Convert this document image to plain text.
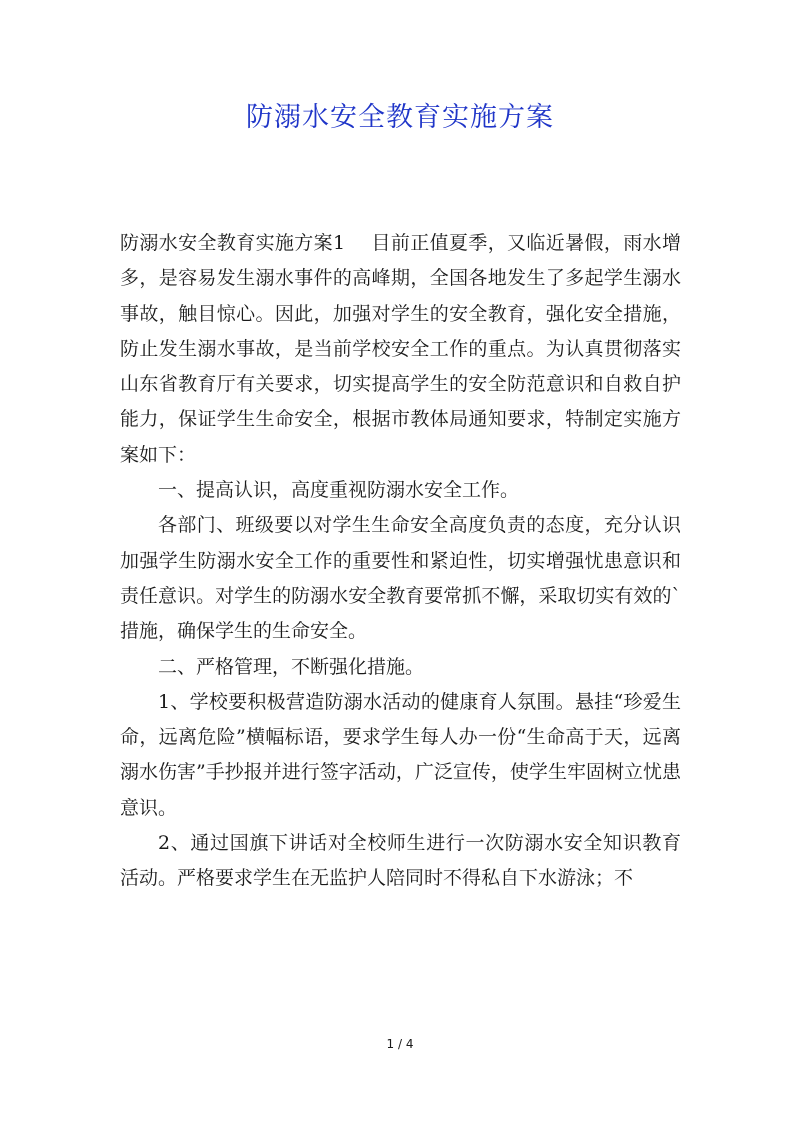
防溺水安全教育实施方案

防溺水安全教育实施方案1 目前正值夏季，又临近暑假，雨水增多，是容易发生溺水事件的高峰期，全国各地发生了多起学生溺水事故，触目惊心。因此，加强对学生的安全教育，强化安全措施，防止发生溺水事故，是当前学校安全工作的重点。为认真贯彻落实山东省教育厅有关要求，切实提高学生的安全防范意识和自救自护能力，保证学生生命安全，根据市教体局通知要求，特制定实施方案如下：

一、提高认识，高度重视防溺水安全工作。

各部门、班级要以对学生生命安全高度负责的态度，充分认识加强学生防溺水安全工作的重要性和紧迫性，切实增强忧患意识和责任意识。对学生的防溺水安全教育要常抓不懈，采取切实有效的`措施，确保学生的生命安全。

二、严格管理，不断强化措施。

1、学校要积极营造防溺水活动的健康育人氛围。悬挂“珍爱生命，远离危险”横幅标语，要求学生每人办一份“生命高于天，远离溺水伤害”手抄报并进行签字活动，广泛宣传，使学生牢固树立忧患意识。

2、通过国旗下讲话对全校师生进行一次防溺水安全知识教育活动。严格要求学生在无监护人陪同时不得私自下水游泳；不

1 / 4
